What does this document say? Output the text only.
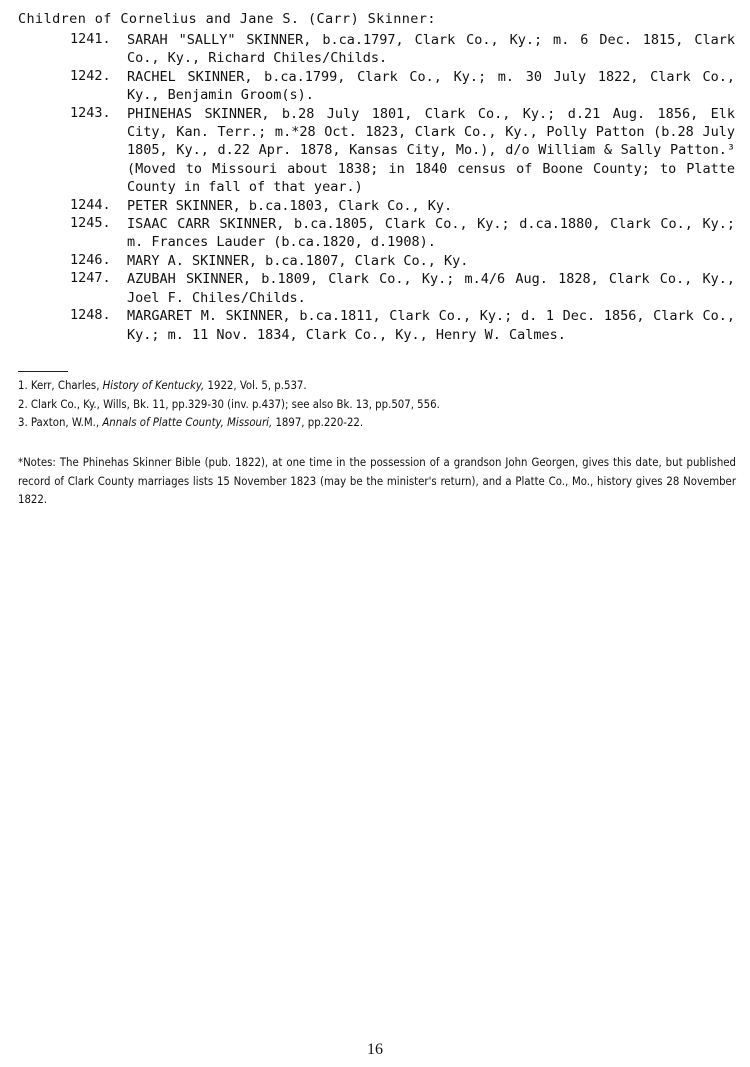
Children of Cornelius and Jane S. (Carr) Skinner:
1241. SARAH "SALLY" SKINNER, b.ca.1797, Clark Co., Ky.; m. 6 Dec. 1815, Clark Co., Ky., Richard Chiles/Childs.
1242. RACHEL SKINNER, b.ca.1799, Clark Co., Ky.; m. 30 July 1822, Clark Co., Ky., Benjamin Groom(s).
1243. PHINEHAS SKINNER, b.28 July 1801, Clark Co., Ky.; d.21 Aug. 1856, Elk City, Kan. Terr.; m.*28 Oct. 1823, Clark Co., Ky., Polly Patton (b.28 July 1805, Ky., d.22 Apr. 1878, Kansas City, Mo.), d/o William & Sally Patton.³ (Moved to Missouri about 1838; in 1840 census of Boone County; to Platte County in fall of that year.)
1244. PETER SKINNER, b.ca.1803, Clark Co., Ky.
1245. ISAAC CARR SKINNER, b.ca.1805, Clark Co., Ky.; d.ca.1880, Clark Co., Ky.; m. Frances Lauder (b.ca.1820, d.1908).
1246. MARY A. SKINNER, b.ca.1807, Clark Co., Ky.
1247. AZUBAH SKINNER, b.1809, Clark Co., Ky.; m.4/6 Aug. 1828, Clark Co., Ky., Joel F. Chiles/Childs.
1248. MARGARET M. SKINNER, b.ca.1811, Clark Co., Ky.; d. 1 Dec. 1856, Clark Co., Ky.; m. 11 Nov. 1834, Clark Co., Ky., Henry W. Calmes.
1. Kerr, Charles, History of Kentucky, 1922, Vol. 5, p.537.
2. Clark Co., Ky., Wills, Bk. 11, pp.329-30 (inv. p.437); see also Bk. 13, pp.507, 556.
3. Paxton, W.M., Annals of Platte County, Missouri, 1897, pp.220-22.
*Notes: The Phinehas Skinner Bible (pub. 1822), at one time in the possession of a grandson John Georgen, gives this date, but published record of Clark County marriages lists 15 November 1823 (may be the minister's return), and a Platte Co., Mo., history gives 28 November 1822.
16
